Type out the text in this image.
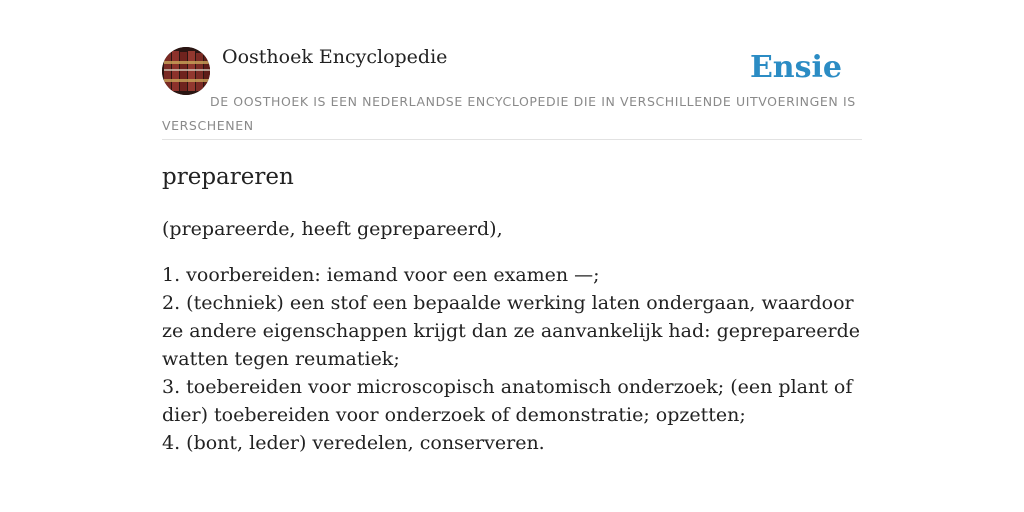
Oosthoek Encyclopedie	Ensie
DE OOSTHOEK IS EEN NEDERLANDSE ENCYCLOPEDIE DIE IN VERSCHILLENDE UITVOERINGEN IS VERSCHENEN
prepareren
(prepareerde, heeft geprepareerd),
1. voorbereiden: iemand voor een examen —;
2. (techniek) een stof een bepaalde werking laten ondergaan, waardoor ze andere eigenschappen krijgt dan ze aanvankelijk had: geprepareerde watten tegen reumatiek;
3. toebereiden voor microscopisch anatomisch onderzoek; (een plant of dier) toebereiden voor onderzoek of demonstratie; opzetten;
4. (bont, leder) veredelen, conserveren.
